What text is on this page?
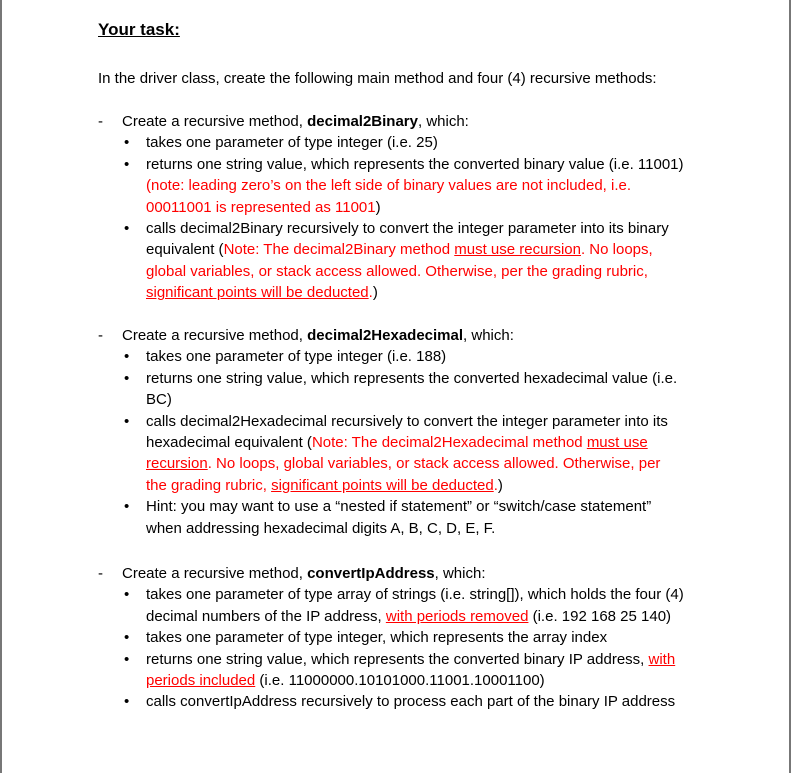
Your task:
In the driver class, create the following main method and four (4) recursive methods:
- Create a recursive method, decimal2Binary, which:
• takes one parameter of type integer (i.e. 25)
• returns one string value, which represents the converted binary value (i.e. 11001)
(note: leading zero’s on the left side of binary values are not included, i.e.
00011001 is represented as 11001)
• calls decimal2Binary recursively to convert the integer parameter into its binary
equivalent (Note: The decimal2Binary method must use recursion. No loops,
global variables, or stack access allowed. Otherwise, per the grading rubric,
significant points will be deducted.)
- Create a recursive method, decimal2Hexadecimal, which:
• takes one parameter of type integer (i.e. 188)
• returns one string value, which represents the converted hexadecimal value (i.e.
BC)
• calls decimal2Hexadecimal recursively to convert the integer parameter into its
hexadecimal equivalent (Note: The decimal2Hexadecimal method must use
recursion. No loops, global variables, or stack access allowed. Otherwise, per
the grading rubric, significant points will be deducted.)
• Hint: you may want to use a “nested if statement” or “switch/case statement”
when addressing hexadecimal digits A, B, C, D, E, F.
- Create a recursive method, convertIpAddress, which:
• takes one parameter of type array of strings (i.e. string[]), which holds the four (4)
decimal numbers of the IP address, with periods removed (i.e. 192 168 25 140)
• takes one parameter of type integer, which represents the array index
• returns one string value, which represents the converted binary IP address, with
periods included (i.e. 11000000.10101000.11001.10001100)
• calls convertIpAddress recursively to process each part of the binary IP address
